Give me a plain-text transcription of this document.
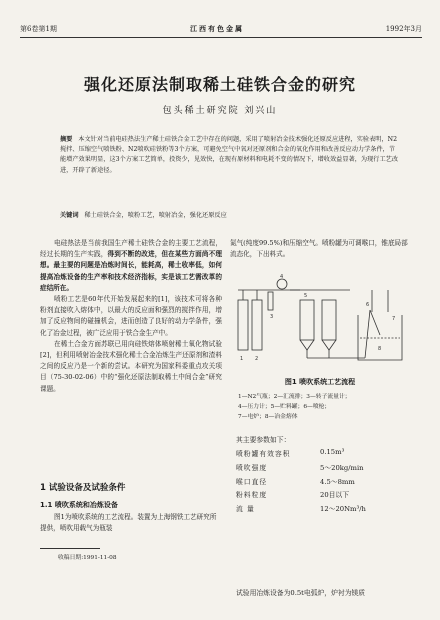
第6卷第1期	江西有色金属	1992年3月
强化还原法制取稀土硅铁合金的研究
包头稀土研究院 刘兴山
摘要 本文针对当前电硅热法生产稀土硅铁合金工艺中存在的问题，采用了喷射冶金技术强化还原反应进程，实验表明，N2搅拌、压缩空气喷铁粉、N2喷吹硅铁粉等3个方案，可避免空气中氧对还原剂和合金的氧化作用和改善反应动力学条件，节能增产效果明显，这3个方案工艺简单，投资少，见效快，在现有原材料和电耗不变的情况下，增收效益显著，为现行工艺改进，开辟了新途径。
关键词 稀土硅铁合金，喷粉工艺，喷射冶金，强化还原反应

电硅热法是当前我国生产稀土硅铁合金的主要工艺流程，经过长期的生产实践，得到不断的改进，但在某些方面尚不理想。最主要的问题是冶炼时间长，能耗高，稀土收率低，如何提高冶炼设备的生产率和技术经济指标，实是该工艺需改革的症结所在。

喷粉工艺是60年代开始发展起来的[1]，该技术可将各种粉剂直接吹入熔体中，以最大的反应面和强烈的搅拌作用，增加了反应物间的碰撞机会，进而创造了良好的动力学条件，强化了冶金过程，被广泛应用于铁合金生产中。

在稀土合金方面苏联已用向硅铁熔体喷射稀土氧化物试验[2]，但利用喷射冶金技术强化稀土合金冶炼生产还原剂和渣料之间的反应乃是一个新的尝试。本研究为国家科委重点攻关项目（75-30-02-06）中的“强化还原法制取稀土中间合金”研究课题。

1 试验设备及试验条件
1.1 喷吹系统和冶炼设备

图1为喷吹系统的工艺流程。装置为上海钢铁工艺研究所提供，喷吹用载气为瓶装

收稿日期:1991-11-08

氮气(纯度99.5%)和压缩空气。喷粉罐为可调喉口，锥底局部流态化，下出料式。

1 2
3
4
5
6
7
8
图1 喷吹系统工艺流程
1—N2气瓶；2—汇流排；3—转子流量计；
4—压力计；5—贮料罐；6—喷枪；
7—电炉；8—冶金熔体
其主要参数如下：
喷粉罐有效容积	0.15m³
喷吹强度	5～20kg/min
喉口直径	4.5～8mm
粉料粒度	20目以下
流 量	12～20Nm³/h
试验用冶炼设备为0.5t电弧炉，炉衬为镁质
